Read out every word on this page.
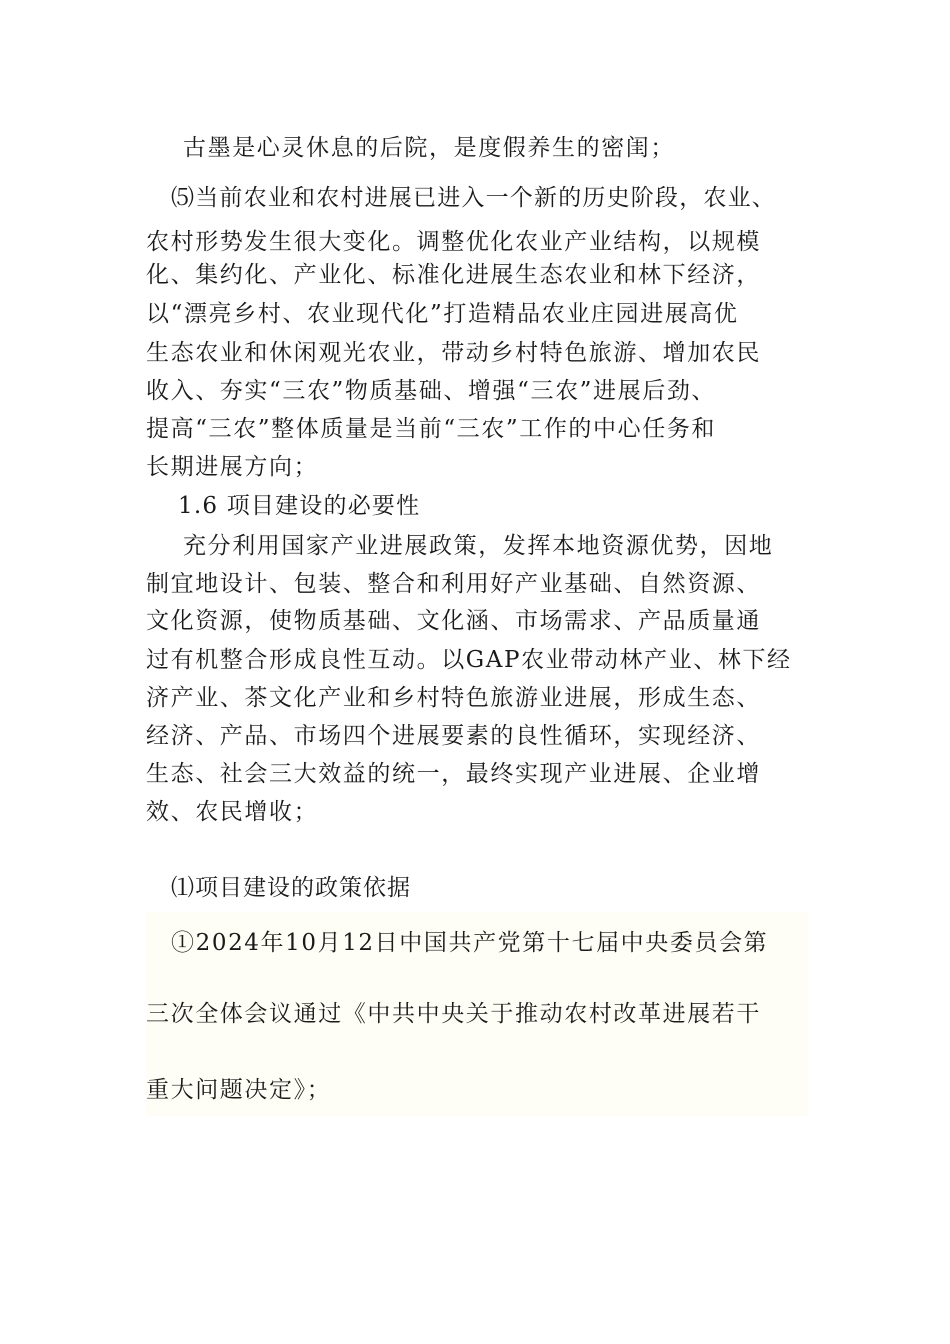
古墨是心灵休息的后院，是度假养生的密闺；
⑸当前农业和农村进展已进入一个新的历史阶段，农业、
农村形势发生很大变化。调整优化农业产业结构，以规模
化、集约化、产业化、标准化进展生态农业和林下经济，
以“漂亮乡村、农业现代化”打造精品农业庄园进展高优
生态农业和休闲观光农业，带动乡村特色旅游、增加农民
收入、夯实“三农”物质基础、增强“三农”进展后劲、
提高“三农”整体质量是当前“三农”工作的中心任务和
长期进展方向；
1.6 项目建设的必要性
充分利用国家产业进展政策，发挥本地资源优势，因地
制宜地设计、包装、整合和利用好产业基础、自然资源、
文化资源，使物质基础、文化涵、市场需求、产品质量通
过有机整合形成良性互动。以GAP农业带动林产业、林下经
济产业、茶文化产业和乡村特色旅游业进展，形成生态、
经济、产品、市场四个进展要素的良性循环，实现经济、
生态、社会三大效益的统一，最终实现产业进展、企业增
效、农民增收；
⑴项目建设的政策依据
①2024年10月12日中国共产党第十七届中央委员会第
三次全体会议通过《中共中央关于推动农村改革进展若干
重大问题决定》；
